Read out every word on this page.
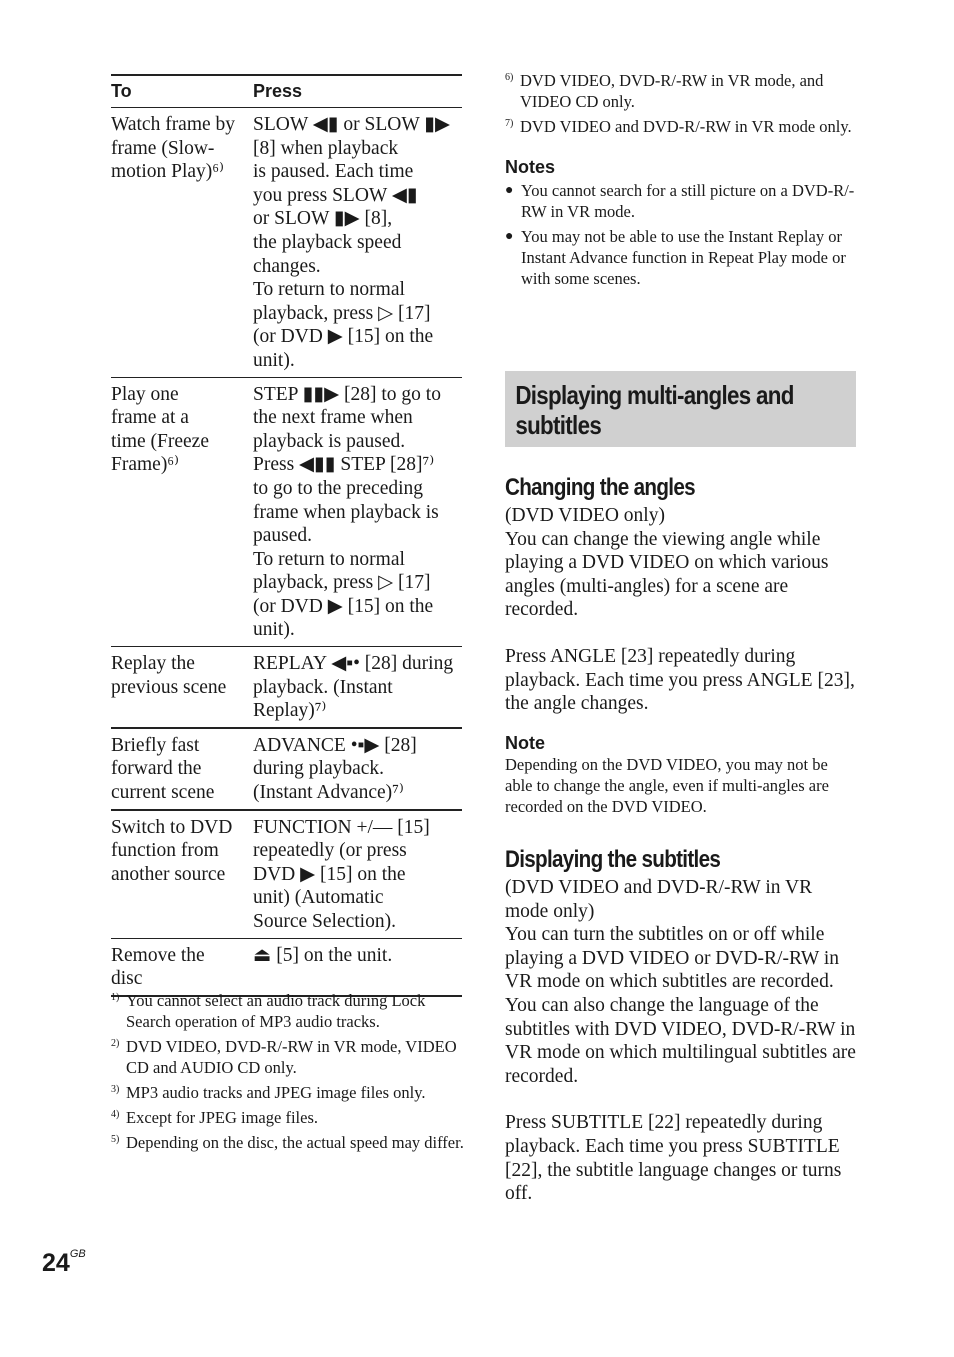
To	Press
Watch frame by
frame (Slow-
motion Play)⁶⁾
SLOW ◀▮ or SLOW ▮▶
[8] when playback
is paused. Each time
you press SLOW ◀▮
or SLOW ▮▶ [8],
the playback speed
changes.
To return to normal
playback, press ▷ [17]
(or DVD ▶ [15] on the
unit).
Play one
frame at a
time (Freeze
Frame)⁶⁾
STEP ▮▮▶ [28] to go to
the next frame when
playback is paused.
Press ◀▮▮ STEP [28]⁷⁾
to go to the preceding
frame when playback is
paused.
To return to normal
playback, press ▷ [17]
(or DVD ▶ [15] on the
unit).
Replay the
previous scene
REPLAY ◀▪• [28] during
playback. (Instant
Replay)⁷⁾
Briefly fast
forward the
current scene
ADVANCE •▪▶ [28]
during playback.
(Instant Advance)⁷⁾
Switch to DVD
function from
another source
FUNCTION +/— [15]
repeatedly (or press
DVD ▶ [15] on the
unit) (Automatic
Source Selection).
Remove the
disc
⏏ [5] on the unit.
1) You cannot select an audio track during Lock Search operation of MP3 audio tracks.
2) DVD VIDEO, DVD-R/-RW in VR mode, VIDEO CD and AUDIO CD only.
3) MP3 audio tracks and JPEG image files only.
4) Except for JPEG image files.
5) Depending on the disc, the actual speed may differ.
6) DVD VIDEO, DVD-R/-RW in VR mode, and VIDEO CD only.
7) DVD VIDEO and DVD-R/-RW in VR mode only.

Notes

● You cannot search for a still picture on a DVD-R/-RW in VR mode.
● You may not be able to use the Instant Replay or Instant Advance function in Repeat Play mode or with some scenes.
Displaying multi-angles and subtitles

Changing the angles

(DVD VIDEO only)
You can change the viewing angle while playing a DVD VIDEO on which various angles (multi-angles) for a scene are recorded.
Press ANGLE [23] repeatedly during playback. Each time you press ANGLE [23], the angle changes.

Note

Depending on the DVD VIDEO, you may not be able to change the angle, even if multi-angles are recorded on the DVD VIDEO.

Displaying the subtitles

(DVD VIDEO and DVD-R/-RW in VR mode only)
You can turn the subtitles on or off while playing a DVD VIDEO or DVD-R/-RW in VR mode on which subtitles are recorded. You can also change the language of the subtitles with DVD VIDEO, DVD-R/-RW in VR mode on which multilingual subtitles are recorded.
Press SUBTITLE [22] repeatedly during playback. Each time you press SUBTITLE [22], the subtitle language changes or turns off.
$24^{GB}$
